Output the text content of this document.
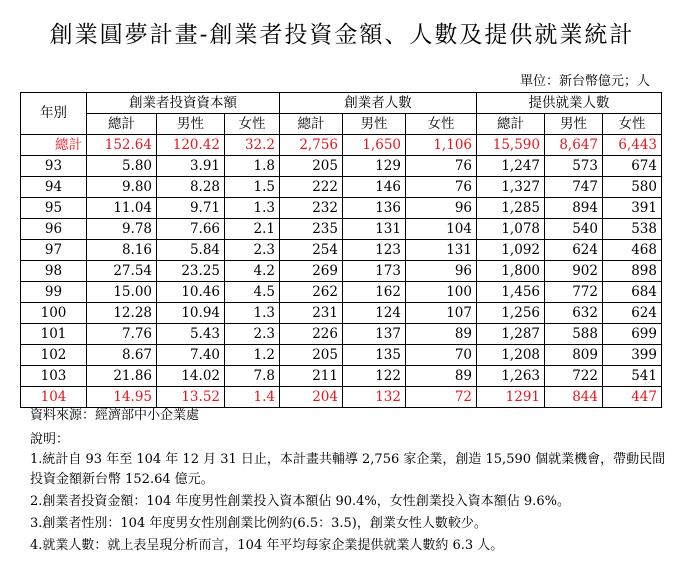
創業圓夢計畫-創業者投資金額、人數及提供就業統計
單位：新台幣億元；人
年別	創業者投資資本額			創業者人數			提供就業人數		
	總計	男性	女性	總計	男性	女性	總計	男性	女性
總計	152.64	120.42	32.2	2,756	1,650	1,106	15,590	8,647	6,443
93	5.80	3.91	1.8	205	129	76	1,247	573	674
94	9.80	8.28	1.5	222	146	76	1,327	747	580
95	11.04	9.71	1.3	232	136	96	1,285	894	391
96	9.78	7.66	2.1	235	131	104	1,078	540	538
97	8.16	5.84	2.3	254	123	131	1,092	624	468
98	27.54	23.25	4.2	269	173	96	1,800	902	898
99	15.00	10.46	4.5	262	162	100	1,456	772	684
100	12.28	10.94	1.3	231	124	107	1,256	632	624
101	7.76	5.43	2.3	226	137	89	1,287	588	699
102	8.67	7.40	1.2	205	135	70	1,208	809	399
103	21.86	14.02	7.8	211	122	89	1,263	722	541
104	14.95	13.52	1.4	204	132	72	1291	844	447
資料來源：經濟部中小企業處
說明：
1.統計自 93 年至 104 年 12 月 31 日止，本計畫共輔導 2,756 家企業，創造 15,590 個就業機會，帶動民間投資金額新台幣 152.64 億元。
2.創業者投資金額：104 年度男性創業投入資本額佔 90.4%，女性創業投入資本額佔 9.6%。
3.創業者性別：104 年度男女性別創業比例約(6.5：3.5)，創業女性人數較少。
4.就業人數：就上表呈現分析而言，104 年平均每家企業提供就業人數約 6.3 人。
